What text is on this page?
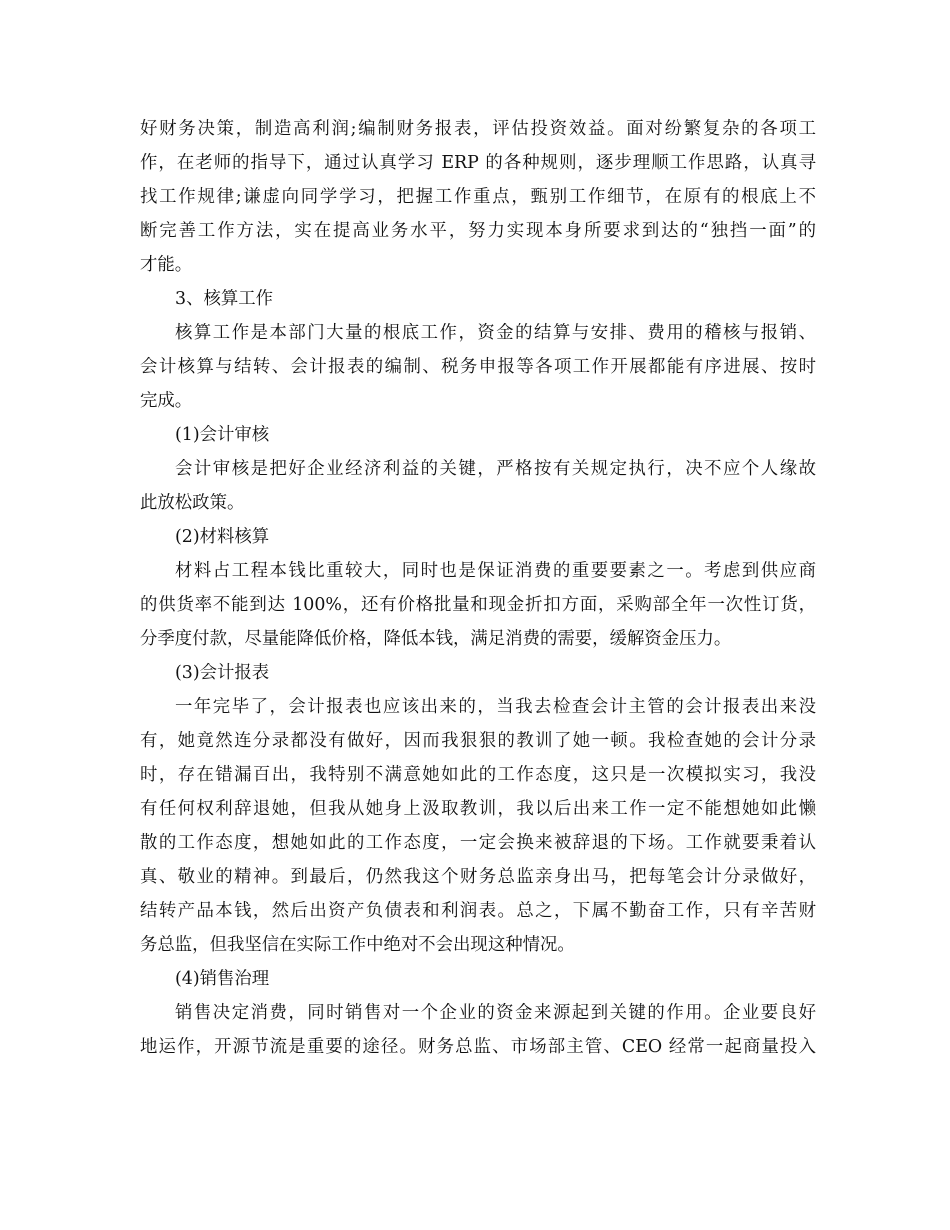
好财务决策，制造高利润;编制财务报表，评估投资效益。面对纷繁复杂的各项工

作，在老师的指导下，通过认真学习 ERP 的各种规则，逐步理顺工作思路，认真寻

找工作规律;谦虚向同学学习，把握工作重点，甄别工作细节，在原有的根底上不

断完善工作方法，实在提高业务水平，努力实现本身所要求到达的“独挡一面”的

才能。

3、核算工作

核算工作是本部门大量的根底工作，资金的结算与安排、费用的稽核与报销、

会计核算与结转、会计报表的编制、税务申报等各项工作开展都能有序进展、按时

完成。

(1)会计审核

会计审核是把好企业经济利益的关键，严格按有关规定执行，决不应个人缘故

此放松政策。

(2)材料核算

材料占工程本钱比重较大，同时也是保证消费的重要要素之一。考虑到供应商

的供货率不能到达 100%，还有价格批量和现金折扣方面，采购部全年一次性订货，

分季度付款，尽量能降低价格，降低本钱，满足消费的需要，缓解资金压力。

(3)会计报表

一年完毕了，会计报表也应该出来的，当我去检查会计主管的会计报表出来没

有，她竟然连分录都没有做好，因而我狠狠的教训了她一顿。我检查她的会计分录

时，存在错漏百出，我特别不满意她如此的工作态度，这只是一次模拟实习，我没

有任何权利辞退她，但我从她身上汲取教训，我以后出来工作一定不能想她如此懒

散的工作态度，想她如此的工作态度，一定会换来被辞退的下场。工作就要秉着认

真、敬业的精神。到最后，仍然我这个财务总监亲身出马，把每笔会计分录做好，

结转产品本钱，然后出资产负债表和利润表。总之，下属不勤奋工作，只有辛苦财

务总监，但我坚信在实际工作中绝对不会出现这种情况。

(4)销售治理

销售决定消费，同时销售对一个企业的资金来源起到关键的作用。企业要良好

地运作，开源节流是重要的途径。财务总监、市场部主管、CEO 经常一起商量投入
